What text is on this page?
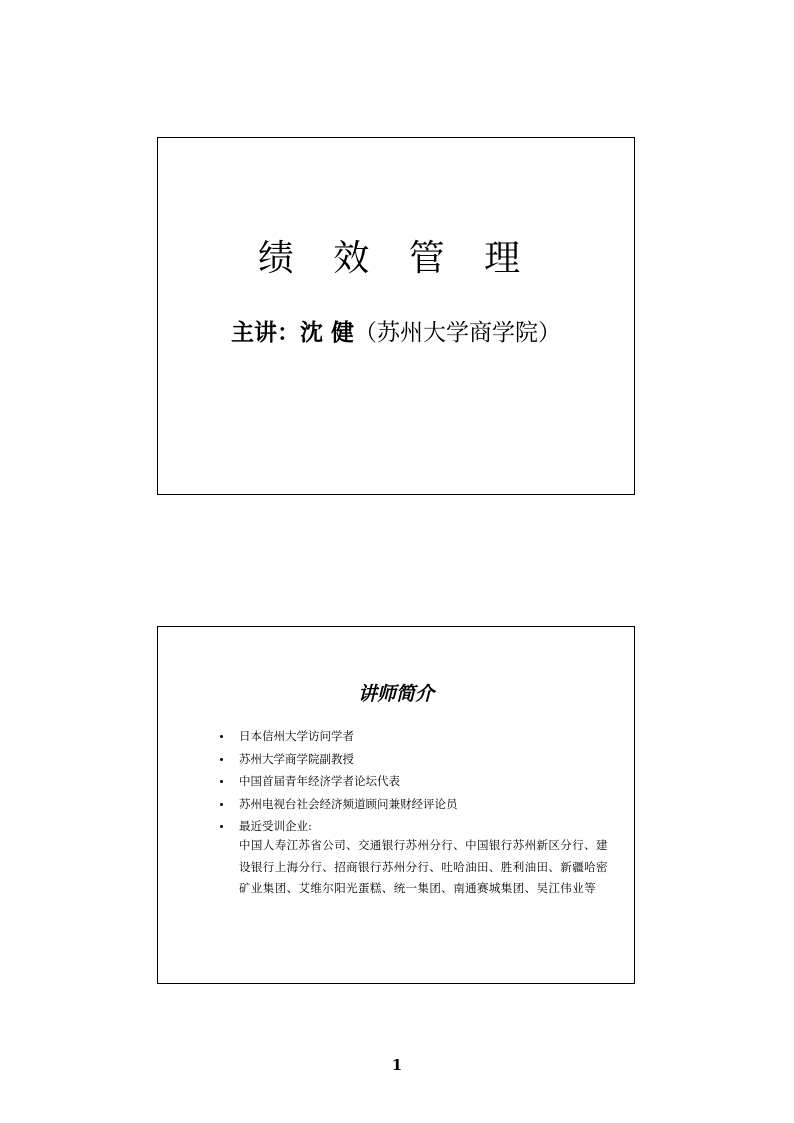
绩 效 管 理
主讲：沈 健（苏州大学商学院）
讲师简介
日本信州大学访问学者
苏州大学商学院副教授
中国首届青年经济学者论坛代表
苏州电视台社会经济频道顾问兼财经评论员
最近受训企业:

中国人寿江苏省公司、交通银行苏州分行、中国银行苏州新区分行、建设银行上海分行、招商银行苏州分行、吐哈油田、胜利油田、新疆哈密矿业集团、艾维尔阳光蛋糕、统一集团、南通赛城集团、吴江伟业等

1
